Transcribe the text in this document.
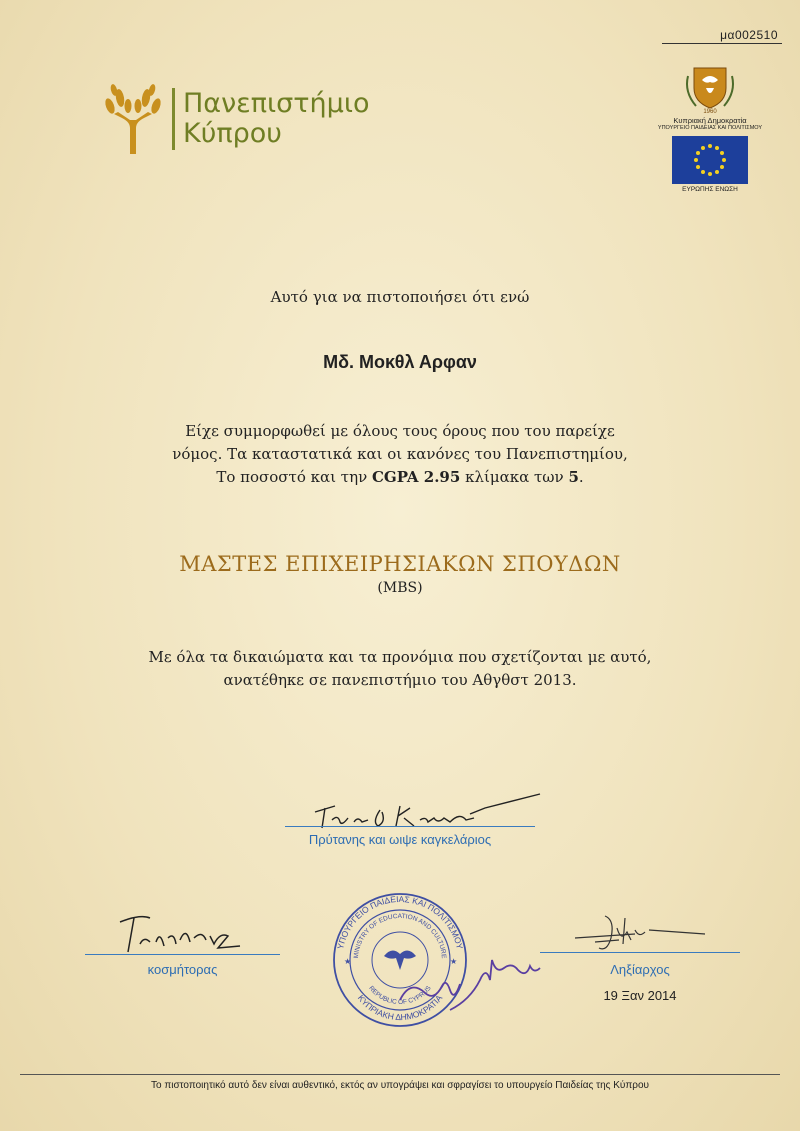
μα002510
Πανεπιστήμιο
Κύπρου
1960
Κυπριακή Δημοκρατία
ΥΠΟΥΡΓΕΙΟ ΠΑΙΔΕΙΑΣ ΚΑΙ ΠΟΛΙΤΙΣΜΟΥ
ΕΥΡΩΠΗΣ ΕΝΩΣΗ
Αυτό για να πιστοποιήσει ότι ενώ
Μδ. Μοκθλ Αρφαν
Είχε συμμορφωθεί με όλους τους όρους που του παρείχε
νόμος. Τα καταστατικά και οι κανόνες του Πανεπιστημίου,
Το ποσοστό και την CGPA 2.95 κλίμακα των 5.
ΜΑΣΤΕΣ ΕΠΙΧΕΙΡΗΣΙΑΚΩΝ ΣΠΟΥΔΩΝ
(MBS)
Με όλα τα δικαιώματα και τα προνόμια που σχετίζονται με αυτό,
ανατέθηκε σε πανεπιστήμιο του Αθγθστ 2013.
Πρύτανης και ωιψε καγκελάριος
κοσμήτορας	Ληξίαρχος
19 Ξαν 2014
ΥΠΟΥΡΓΕΙΟ ΠΑΙΔΕΙΑΣ ΚΑΙ ΠΟΛΙΤΙΣΜΟΥ
ΚΥΠΡΙΑΚΗ ΔΗΜΟΚΡΑΤΙΑ
MINISTRY OF EDUCATION AND CULTURE
REPUBLIC OF CYPRUS
★	★
Το πιστοποιητικό αυτό δεν είναι αυθεντικό, εκτός αν υπογράψει και σφραγίσει το υπουργείο Παιδείας της Κύπρου
